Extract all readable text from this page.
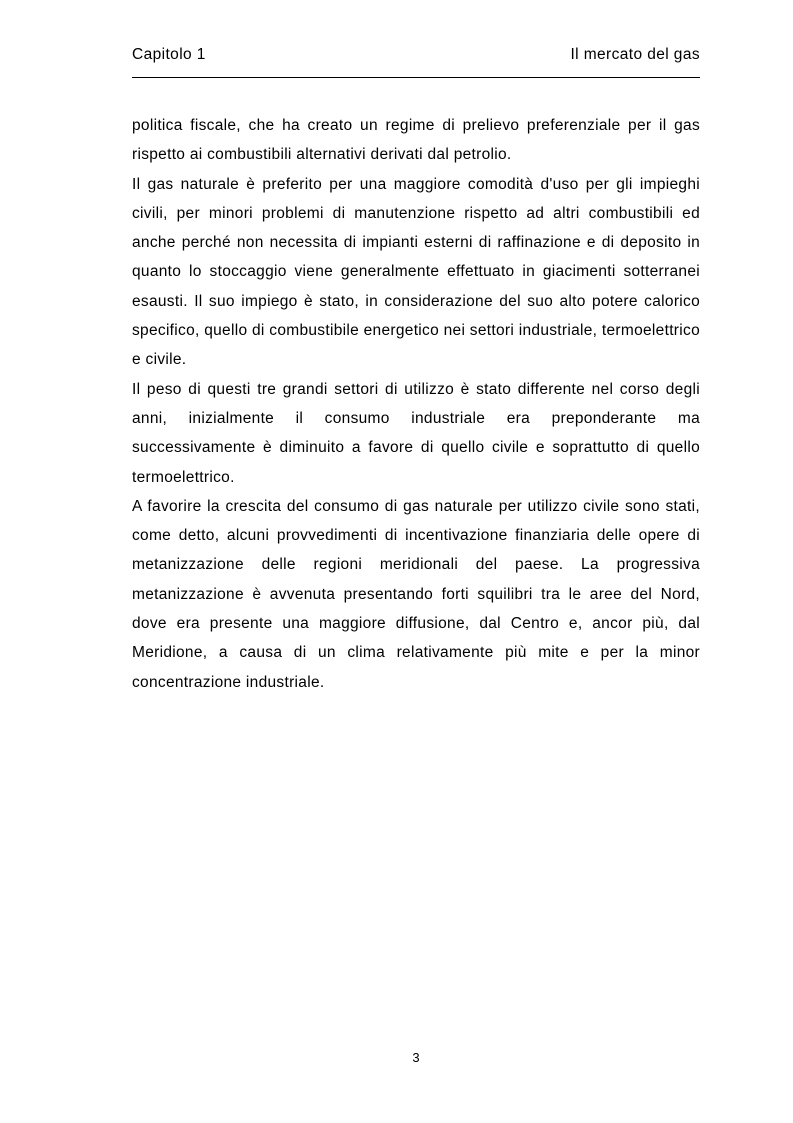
Capitolo 1	Il mercato del gas

politica fiscale, che ha creato un regime di prelievo preferenziale per il gas rispetto ai combustibili alternativi derivati dal petrolio.

Il gas naturale è preferito per una maggiore comodità d'uso per gli impieghi civili, per minori problemi di manutenzione rispetto ad altri combustibili ed anche perché non necessita di impianti esterni di raffinazione e di deposito in quanto lo stoccaggio viene generalmente effettuato in giacimenti sotterranei esausti. Il suo impiego è stato, in considerazione del suo alto potere calorico specifico, quello di combustibile energetico nei settori industriale, termoelettrico e civile.

Il peso di questi tre grandi settori di utilizzo è stato differente nel corso degli anni, inizialmente il consumo industriale era preponderante ma successivamente è diminuito a favore di quello civile e soprattutto di quello termoelettrico.

A favorire la crescita del consumo di gas naturale per utilizzo civile sono stati, come detto, alcuni provvedimenti di incentivazione finanziaria delle opere di metanizzazione delle regioni meridionali del paese. La progressiva metanizzazione è avvenuta presentando forti squilibri tra le aree del Nord, dove era presente una maggiore diffusione, dal Centro e, ancor più, dal Meridione, a causa di un clima relativamente più mite e per la minor concentrazione industriale.

3
